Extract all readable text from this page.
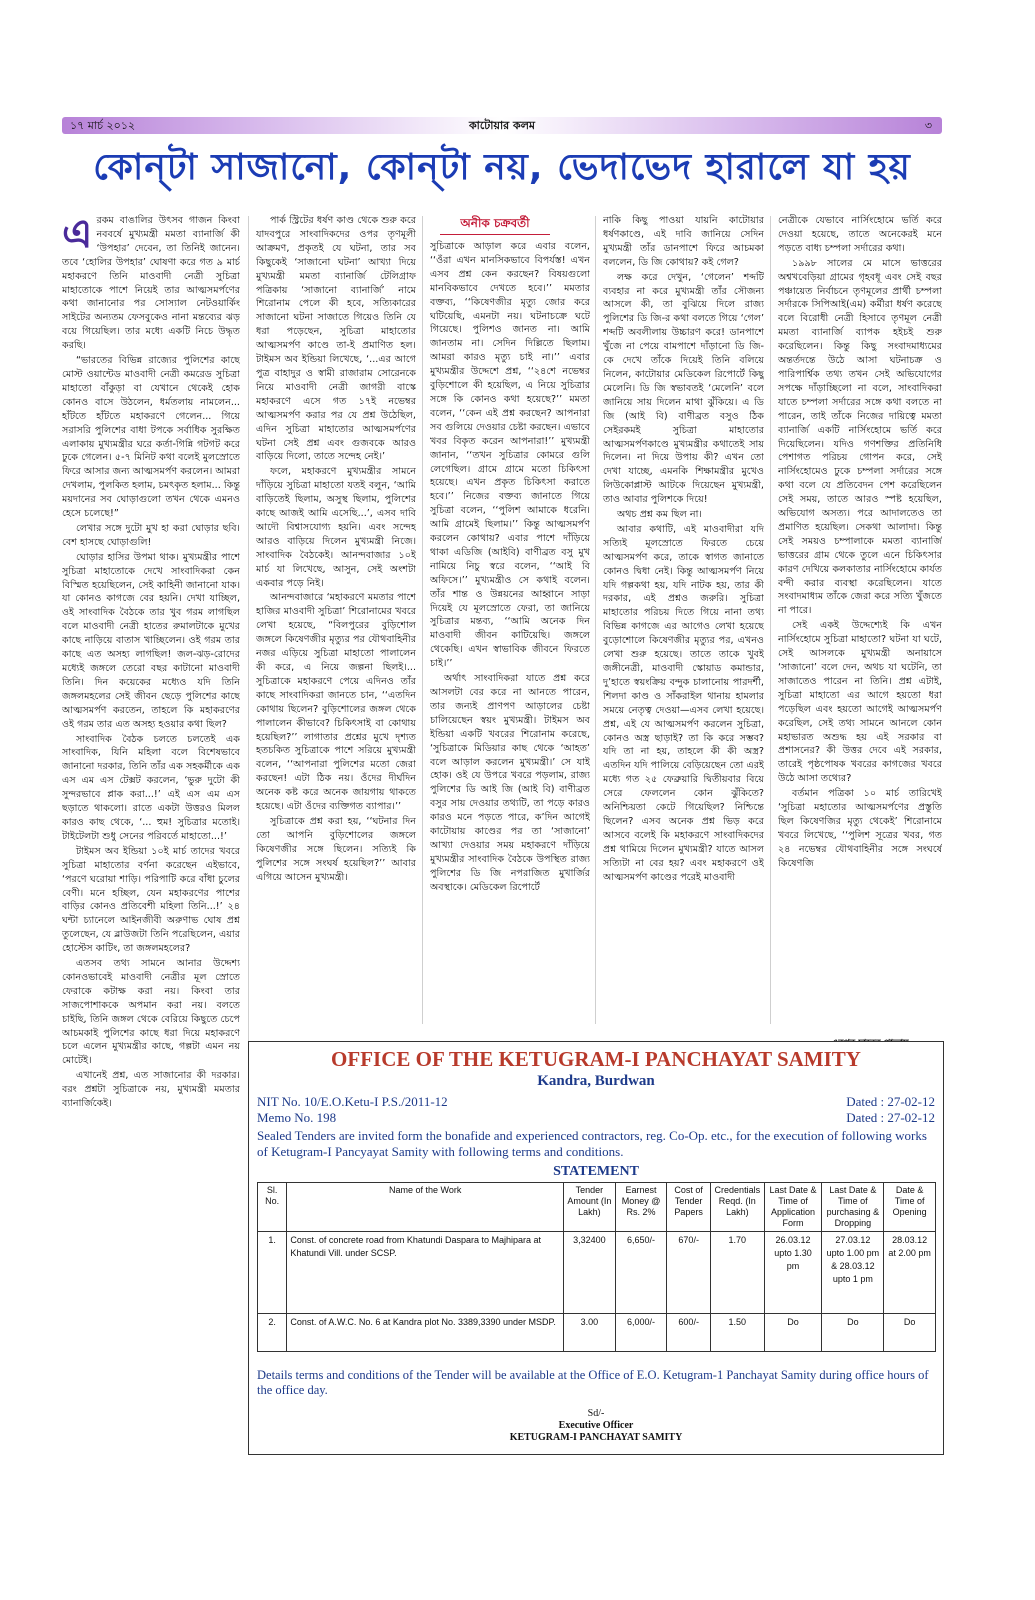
১৭ মার্চ ২০১২	কাটোয়ার কলম	৩
কোন্‌টা সাজানো, কোন্‌টা নয়, ভেদাভেদ হারালে যা হয়
অনীক চক্রবর্তী
এ রকম বাঙালির উৎসব গাজন কিংবা নববর্ষে মুখ্যমন্ত্রী মমতা ব্যানার্জি কী ‘উপহার’ দেবেন, তা তিনিই জানেন। তবে ‘হোলির উপহার’ ঘোষণা করে গত ৯ মার্চ মহাকরণে তিনি মাওবাদী নেত্রী সুচিত্রা মাহাতোকে পাশে নিয়েই তার আত্মসমর্পণের কথা জানানোর পর সোস্যাল নেটওয়ার্কিং সাইটের অন্যতম ফেসবুকেও নানা মন্তব্যের ঝড় বয়ে গিয়েছিল। তার মধ্যে একটি নিচে উদ্ধৃত করছি।

“ভারতের বিভিন্ন রাজ্যের পুলিশের কাছে মোস্ট ওয়ান্টেড মাওবাদী নেত্রী কমরেড সুচিত্রা মাহাতো বাঁকুড়া বা যেখানে থেকেই হোক কোনও বাসে উঠলেন, ধর্মতলায় নামলেন... হাঁটতে হাঁটতে মহাকরণে গেলেন... গিয়ে সরাসরি পুলিশের বাধা টপকে সর্বাধিক সুরক্ষিত এলাকায় মুখ্যমন্ত্রীর ঘরে কর্তা-গিন্নি গটগট করে ঢুকে গেলেন। ৫-৭ মিনিট কথা বলেই মুলস্রোতে ফিরে আসার জন্য আত্মসমর্পণ করলেন। আমরা দেখলাম, পুলকিত হলাম, চমৎকৃত হলাম... কিন্তু ময়দানের সব ঘোড়াগুলো তখন থেকে এমনও হেসে চলেছে!”

লেখার সঙ্গে দুটো মুখ হা করা ঘোড়ার ছবি। বেশ হাসছে ঘোড়াগুলি!

ঘোড়ার হাসির উপমা থাক। মুখ্যমন্ত্রীর পাশে সুচিত্রা মাহাতোকে দেখে সাংবাদিকরা কেন বিস্মিত হয়েছিলেন, সেই কাহিনী জানানো যাক। যা কোনও কাগজে বের হয়নি। দেখা যাচ্ছিল, ওই সাংবাদিক বৈঠকে তার খুব গরম লাগছিল বলে মাওবাদী নেত্রী হাতের রুমালটাকে মুখের কাছে নাড়িয়ে বাতাস খাচ্ছিলেন। ওই গরম তার কাছে এত অসহ্য লাগছিল! জল-ঝড়-রোদের মধ্যেই জঙ্গলে তেরো বছর কাটানো মাওবাদী তিনি। দিন কয়েকের মধ্যেও যদি তিনি জঙ্গলমহলের সেই জীবন ছেড়ে পুলিশের কাছে আত্মসমর্পণ করতেন, তাহলে কি মহাকরণের ওই গরম তার এত অসহ্য হওয়ার কথা ছিল?

সাংবাদিক বৈঠক চলতে চলতেই এক সাংবাদিক, যিনি মহিলা বলে বিশেষভাবে জানানো দরকার, তিনি তাঁর এক সহকর্মীকে এক এস এম এস টেক্সট করলেন, ‘ভুরু দুটো কী সুন্দরভাবে প্লাক করা...!’ এই এস এম এস ছড়াতে থাকলো। রাতে একটা উত্তরও মিলল কারও কাছ থেকে, ‘... হুম! সুচিত্রার মতোই। টাইটেলটা শুধু সেনের পরিবর্তে মাহাতো...!’

টাইমস অব ইন্ডিয়া ১০ই মার্চ তাদের খবরে সুচিত্রা মাহাতোর বর্ণনা করেছেন এইভাবে, ‘পরণে ঘরোয়া শাড়ি। পরিপাটি করে বাঁধা চুলের বেণী। মনে হচ্ছিল, যেন মহাকরণের পাশের বাড়ির কোনও প্রতিবেশী মহিলা তিনি...!’ ২৪ ঘন্টা চ্যানেলে আইনজীবী অরুণাভ ঘোষ প্রশ্ন তুলেছেন, যে ব্লাউজটা তিনি পরেছিলেন, এয়ার হোস্টেস কাটিং, তা জঙ্গলমহলের?

এতসব তথ্য সামনে আনার উদ্দেশ্য কোনওভাবেই মাওবাদী নেত্রীর মূল স্রোতে ফেরাকে কটাক্ষ করা নয়। কিংবা তার সাজপোশাককে অপমান করা নয়। বলতে চাইছি, তিনি জঙ্গল থেকে বেরিয়ে কিছুতে চেপে আচমকাই পুলিশের কাছে ধরা দিয়ে মহাকরণে চলে এলেন মুখ্যমন্ত্রীর কাছে, গল্পটা এমন নয় মোটেই।

এখানেই প্রশ্ন, এত সাজানোর কী দরকার। বরং প্রশ্নটা সুচিত্রাকে নয়, মুখ্যমন্ত্রী মমতার ব্যানার্জিকেই।

পার্ক স্ট্রিটের ধর্ষণ কাণ্ড থেকে শুরু করে যাদবপুরে সাংবাদিকদের ওপর তৃণমূলী আক্রমণ, প্রকৃতই যে ঘটনা, তার সব কিছুকেই ‘সাজানো ঘটনা’ আখ্যা দিয়ে মুখ্যমন্ত্রী মমতা ব্যানার্জি টেলিগ্রাফ পত্রিকায় ‘সাজানো ব্যানার্জি’ নামে শিরোনাম পেলে কী হবে, সত্যিকারের সাজানো ঘটনা সাজাতে গিয়েও তিনি যে ধরা পড়েছেন, সুচিত্রা মাহাতোর আত্মসমর্পণ কাণ্ডে তা-ই প্রমাণিত হল। টাইমস অব ইন্ডিয়া লিখেছে, ‘...এর আগে পুত্র বাহাদুর ও স্বামী রাজারাম সোরেনকে নিয়ে মাওবাদী নেত্রী জাগরী বাস্কে মহাকরণে এসে গত ১৭ই নভেম্বর আত্মসমর্পণ করার পর যে প্রশ্ন উঠেছিল, এদিন সুচিত্রা মাহাতোর আত্মসমর্পণের ঘটনা সেই প্রশ্ন এবং গুজবকে আরও বাড়িয়ে দিলো, তাতে সন্দেহ নেই।’

ফলে, মহাকরণে মুখ্যমন্ত্রীর সামনে দাঁড়িয়ে সুচিত্রা মাহাতো যতই বলুন, ‘আমি বাড়িতেই ছিলাম, অসুস্থ ছিলাম, পুলিশের কাছে আজই আমি এসেছি...’, এসব দাবি আদৌ বিশ্বাসযোগ্য হয়নি। এবং সন্দেহ আরও বাড়িয়ে দিলেন মুখ্যমন্ত্রী নিজে। সাংবাদিক বৈঠকেই। আনন্দবাজার ১০ই মার্চ যা লিখেছে, আসুন, সেই অংশটা একবার পড়ে নিই।

আনন্দবাজারে ‘মহাকরণে মমতার পাশে হাজির মাওবাদী সুচিত্রা’ শিরোনামের খবরে লেখা হয়েছে, “বিলপুরের বুড়িশোল জঙ্গলে কিষেণজীর মৃত্যুর পর যৌথবাহিনীর নজর এড়িয়ে সুচিত্রা মাহাতো পালালেন কী করে, এ নিয়ে জল্পনা ছিলই।... সুচিত্রাকে মহাকরণে পেয়ে এদিনও তাঁর কাছে সাংবাদিকরা জানতে চান, ‘‘এতদিন কোথায় ছিলেন? বুড়িশোলের জঙ্গল থেকে পালালেন কীভাবে? চিকিৎসাই বা কোথায় হয়েছিল?’’ লাগাতার প্রশ্নের মুখে দৃশ্যত হতচকিত সুচিত্রাকে পাশে সরিয়ে মুখ্যমন্ত্রী বলেন, ‘‘আপনারা পুলিশের মতো জেরা করছেন! এটা ঠিক নয়। ওঁদের দীর্ঘদিন অনেক কষ্ট করে অনেক জায়গায় থাকতে হয়েছে। এটা ওঁদের ব্যক্তিগত ব্যাপার।’’

সুচিত্রাকে প্রশ্ন করা হয়, ‘‘ঘটনার দিন তো আপনি বুড়িশোলের জঙ্গলে কিষেণজীর সঙ্গে ছিলেন। সত্যিই কি পুলিশের সঙ্গে সংঘর্ষ হয়েছিল?’’ আবার এগিয়ে আসেন মুখ্যমন্ত্রী।

সুচিত্রাকে আড়াল করে এবার বলেন, ‘‘ওঁরা এখন মানসিকভাবে বিপর্যস্ত! এখন এসব প্রশ্ন কেন করছেন? বিষয়গুলো মানবিকভাবে দেখতে হবে।’’ মমতার বক্তব্য, ‘‘কিষেণজীর মৃত্যু জোর করে ঘটিয়েছি, এমনটা নয়। ঘটনাচক্রে ঘটে গিয়েছে। পুলিশও জানত না। আমি জানতাম না। সেদিন দিল্লিতে ছিলাম। আমরা কারও মৃত্যু চাই না।’’ এবার মুখ্যমন্ত্রীর উদ্দেশে প্রশ্ন, ‘‘২৪শে নভেম্বর বুড়িশোলে কী হয়েছিল, এ নিয়ে সুচিত্রার সঙ্গে কি কোনও কথা হয়েছে?’’ মমতা বলেন, ‘‘কেন এই প্রশ্ন করছেন? আপনারা সব গুলিয়ে দেওয়ার চেষ্টা করছেন। এভাবে খবর বিকৃত করেন আপনারা!’’ মুখ্যমন্ত্রী জানান, ‘‘তখন সুচিত্রার কোমরে গুলি লেগেছিল। গ্রামে গ্রামে মতো চিকিৎসা হয়েছে। এখন প্রকৃত চিকিৎসা করাতে হবে।’’ নিজের বক্তব্য জানাতে গিয়ে সুচিত্রা বলেন, ‘‘পুলিশ আমাকে ধরেনি। আমি গ্রামেই ছিলাম।’’ কিন্তু আত্মসমর্পণ করলেন কোথায়? এবার পাশে দাঁড়িয়ে থাকা এডিজি (আইবি) বাণীব্রত বসু মুখ নামিয়ে নিচু স্বরে বলেন, ‘‘আই বি অফিসে।’’ মুখ্যমন্ত্রীও সে কথাই বলেন। তাঁর শান্ত ও উন্নয়নের আহ্বানে সাড়া দিয়েই যে মূলস্রোতে ফেরা, তা জানিয়ে সুচিত্রার মন্তব্য, ‘‘আমি অনেক দিন মাওবাদী জীবন কাটিয়েছি। জঙ্গলে থেকেছি। এখন স্বাভাবিক জীবনে ফিরতে চাই।’’

অর্থাৎ সাংবাদিকরা যাতে প্রশ্ন করে আসলটা বের করে না আনতে পারেন, তার জন্যই প্রাণপণ আড়ালের চেষ্টা চালিয়েছেন স্বয়ং মুখ্যমন্ত্রী। টাইমস অব ইন্ডিয়া একটি খবরের শিরোনাম করেছে, ‘সুচিত্রাকে মিডিয়ার কাছ থেকে ‘আহত’ বলে আড়াল করলেন মুখ্যমন্ত্রী।’ সে যাই হোক। ওই যে উপরে খবরে পড়লাম, রাজ্য পুলিশের ডি আই জি (আই বি) বাণীব্রত বসুর সায় দেওয়ার তথ্যটি, তা পড়ে কারও কারও মনে পড়তে পারে, ক’দিন আগেই কাটোয়ায় কাণ্ডের পর তা ‘সাজানো’ আখ্যা দেওয়ার সময় মহাকরণে দাঁড়িয়ে মুখ্যমন্ত্রীর সাংবাদিক বৈঠকে উপস্থিত রাজ্য পুলিশের ডি জি নপরাজিত মুখার্জির অবস্থাকে। মেডিকেল রিপোর্টে

নাকি কিছু পাওয়া যায়নি কাটোয়ার ধর্ষণকাণ্ডে, এই দাবি জানিয়ে সেদিন মুখ্যমন্ত্রী তাঁর ডানপাশে ফিরে আচমকা বললেন, ডি জি কোথায়? কই গেল?

লক্ষ করে দেখুন, ‘গেলেন’ শব্দটি ব্যবহার না করে মুখ্যমন্ত্রী তাঁর সৌজন্য আসলে কী, তা বুঝিয়ে দিলে রাজ্য পুলিশের ডি জি-র কথা বলতে গিয়ে ‘গেল’ শব্দটি অবলীলায় উচ্চারণ করে! ডানপাশে খুঁজে না পেয়ে বামপাশে দাঁড়ানো ডি জি-কে দেখে তাঁকে দিয়েই তিনি বলিয়ে নিলেন, কাটোয়ার মেডিকেল রিপোর্টে কিছু মেলেনি। ডি জি স্বভাবতই ‘মেলেনি’ বলে জানিয়ে সায় দিলেন মাথা ঝুঁকিয়ে। এ ডি জি (আই বি) বাণীব্রত বসুও ঠিক সেইরকমই সুচিত্রা মাহাতোর আত্মসমর্পণকাণ্ডে মুখ্যমন্ত্রীর কথাতেই সায় দিলেন। না দিয়ে উপায় কী? এখন তো দেখা যাচ্ছে, এমনকি শিক্ষামন্ত্রীর মুখেও লিউকোপ্লাস্ট আটকে দিয়েছেন মুখ্যমন্ত্রী, তাও আবার পুলিশকে দিয়ে!

অথচ প্রশ্ন কম ছিল না।

আবার কথাটি, এই মাওবাদীরা যদি সত্যিই মূলস্রোতে ফিরতে চেয়ে আত্মসমর্পণ করে, তাকে স্বাগত জানাতে কোনও দ্বিধা নেই। কিন্তু আত্মসমর্পণ নিয়ে যদি গল্পকথা হয়, যদি নাটক হয়, তার কী দরকার, এই প্রশ্নও জরুরি। সুচিত্রা মাহাতোর পরিচয় দিতে গিয়ে নানা তথ্য বিভিন্ন কাগজে এর আগেও লেখা হয়েছে বুড়োশোলে কিষেণজীর মৃত্যুর পর, এখনও লেখা শুরু হয়েছে। তাতে তাকে খুবই জঙ্গীনেত্রী, মাওবাদী স্কোয়াড কমান্ডার, দু’হাতে স্বয়ংক্রিয় বন্দুক চালানোয় পারদর্শী, শিলদা কাণ্ড ও সাঁকরাইল থানায় হামলার সময়ে নেতৃত্ব দেওয়া—এসব লেখা হয়েছে। প্রশ্ন, এই যে আত্মসমর্পণ করলেন সুচিত্রা, কোনও অস্ত্র ছাড়াই? তা কি করে সম্ভব? যদি তা না হয়, তাহলে কী কী অস্ত্র? এতদিন যদি পালিয়ে বেড়িয়েছেন তো এরই মধ্যে গত ২৫ ফেব্রুয়ারি দ্বিতীয়বার বিয়ে সেরে ফেললেন কোন ঝুঁকিতে? অনিশ্চিয়তা কেটে গিয়েছিল? নিশ্চিন্তে ছিলেন? এসব অনেক প্রশ্ন ভিড় করে আসবে বলেই কি মহাকরণে সাংবাদিকদের প্রশ্ন থামিয়ে দিলেন মুখ্যমন্ত্রী? যাতে আসল সত্যিটা না বের হয়? এবং মহাকরণে ওই আত্মসমর্পণ কাণ্ডের পরেই মাওবাদী

নেত্রীকে যেভাবে নার্সিংহোমে ভর্তি করে দেওয়া হয়েছে, তাতে অনেকেরই মনে পড়তে বাধ্য চম্পলা সর্দারের কথা।

১৯৯৮ সালের মে মাসে ভাত্তরের অশ্বখবেড়িয়া গ্রামের গৃহবধূ এবং সেই বছর পঞ্চায়েত নির্বাচনে তৃণমূলের প্রার্থী চম্পলা সর্দারকে সিপিআই(এম) কর্মীরা ধর্ষণ করেছে বলে বিরোধী নেত্রী হিসাবে তৃণমূল নেত্রী মমতা ব্যানার্জি ব্যাপক হইচই শুরু করেছিলেন। কিন্তু কিছু সংবাদমাধ্যমের অন্তর্তদন্তে উঠে আসা ঘটনাচক্র ও পারিপার্শ্বিক তথ্য তখন সেই অভিযোগের সপক্ষে দাঁড়াচ্ছিলো না বলে, সাংবাদিকরা যাতে চম্পলা সর্দারের সঙ্গে কথা বলতে না পারেন, তাই তাঁকে নিজের দায়িত্বে মমতা ব্যানার্জি একটি নার্সিংহোমে ভর্তি করে দিয়েছিলেন। যদিও গণশক্তির প্রতিনিধি পেশাগত পরিচয় গোপন করে, সেই নার্সিংহোমেও ঢুকে চম্পলা সর্দারের সঙ্গে কথা বলে যে প্রতিবেদন পেশ করেছিলেন সেই সময়, তাতে আরও স্পষ্ট হয়েছিল, অভিযোগ অসত্য। পরে আদালতেও তা প্রমাণিত হয়েছিল। সেকথা আলাদা। কিন্তু সেই সময়ও চম্পালাকে মমতা ব্যানার্জি ভাত্তরের গ্রাম থেকে তুলে এনে চিকিৎসার কারণ দেখিয়ে কলকাতার নার্সিংহোমে কার্যত বন্দী করার ব্যবস্থা করেছিলেন। যাতে সংবাদমাধ্যম তাঁকে জেরা করে সত্যি খুঁজতে না পারে।

সেই একই উদ্দেশ্যেই কি এখন নার্সিংহোমে সুচিত্রা মাহাতো? ঘটনা যা ঘটে, সেই আসলকে মুখ্যমন্ত্রী অনায়াসে ‘সাজানো’ বলে দেন, অথচ যা ঘটেনি, তা সাজাতেও পারেন না তিনি। প্রশ্ন এটাই, সুচিত্রা মাহাতো এর আগে হয়তো ধরা পড়েছিল এবং হয়তো আগেই আত্মসমর্পণ করেছিল, সেই তথ্য সামনে আনলে কোন মহাভারত অশুদ্ধ হয় এই সরকার বা প্রশাসনের? কী উত্তর দেবে এই সরকার, তারেই পৃষ্ঠপোষক খবরের কাগজের খবরে উঠে আসা তথ্যের?

বর্তমান পত্রিকা ১০ মার্চ তারিখেই ‘সুচিত্রা মহাতোর আত্মসমর্পণের প্রস্তুতি ছিল কিষেণজির মৃত্যু থেকেই’ শিরোনামে খবরে লিখেছে, ‘‘পুলিশ সূত্রের খবর, গত ২৪ নভেম্বর যৌথবাহিনীর সঙ্গে সংঘর্ষে কিষেণজি

OFFICE OF THE KETUGRAM-I PANCHAYAT SAMITY
Kandra, Burdwan
NIT No. 10/E.O.Ketu-I P.S./2011-12	Dated : 27-02-12
Memo No. 198	Dated : 27-02-12
Sealed Tenders are invited form the bonafide and experienced contractors, reg. Co-Op. etc., for the execution of following works of Ketugram-I Pancyayat Samity with following terms and conditions.
STATEMENT
Sl. No.	Name of the Work	Tender Amount (In Lakh)	Earnest Money @ Rs. 2%	Cost of Tender Papers	Credentials Reqd. (In Lakh)	Last Date & Time of Application Form	Last Date & Time of purchasing & Dropping	Date & Time of Opening
1.	Const. of concrete road from Khatundi Daspara to Majhipara at Khatundi Vill. under SCSP.	3,32400	6,650/-	670/-	1.70	26.03.12 upto 1.30 pm	27.03.12 upto 1.00 pm & 28.03.12 upto 1 pm	28.03.12 at 2.00 pm
2.	Const. of A.W.C. No. 6 at Kandra plot No. 3389,3390 under MSDP.	3.00	6,000/-	600/-	1.50	Do	Do	Do
Details terms and conditions of the Tender will be available at the Office of E.O. Ketugram-1 Panchayat Samity during office hours of the office day.
Sd/-
Executive Officer
KETUGRAM-I PANCHAYAT SAMITY
